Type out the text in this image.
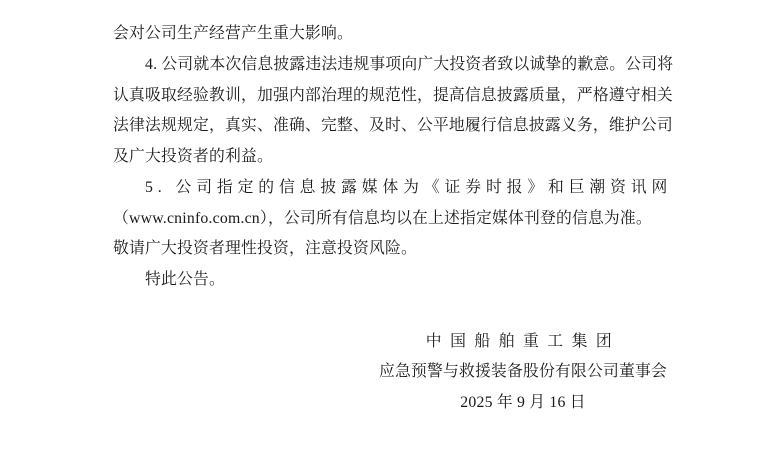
会对公司生产经营产生重大影响。
4. 公司就本次信息披露违法违规事项向广大投资者致以诚挚的歉意。公司将
认真吸取经验教训，加强内部治理的规范性，提高信息披露质量，严格遵守相关
法律法规规定，真实、准确、完整、及时、公平地履行信息披露义务，维护公司
及广大投资者的利益。
5. 公司指定的信息披露媒体为《证券时报》和巨潮资讯网
（www.cninfo.com.cn），公司所有信息均以在上述指定媒体刊登的信息为准。
敬请广大投资者理性投资，注意投资风险。
特此公告。
中国船舶重工集团
应急预警与救援装备股份有限公司董事会
2025 年 9 月 16 日
